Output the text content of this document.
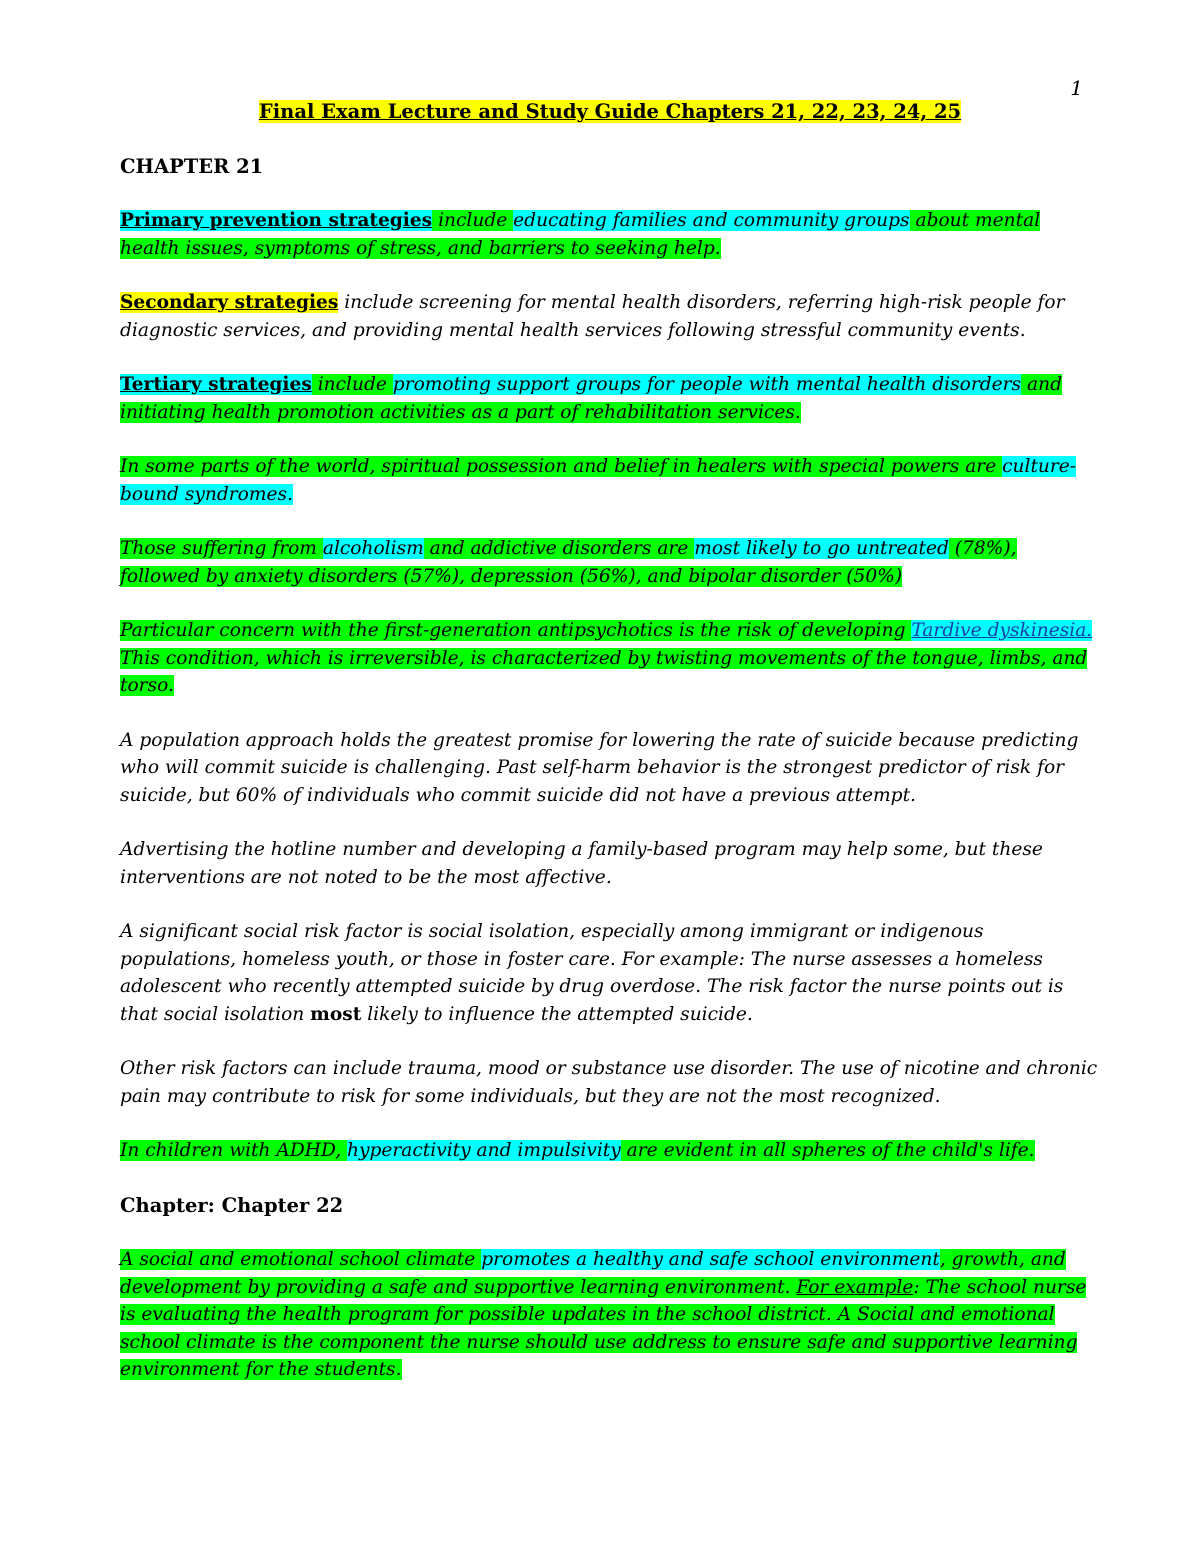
1
Final Exam Lecture and Study Guide Chapters 21, 22, 23, 24, 25
CHAPTER 21

Primary prevention strategies include educating families and community groups about mental health issues, symptoms of stress, and barriers to seeking help.

Secondary strategies include screening for mental health disorders, referring high-risk people for diagnostic services, and providing mental health services following stressful community events.

Tertiary strategies include promoting support groups for people with mental health disorders and initiating health promotion activities as a part of rehabilitation services.

In some parts of the world, spiritual possession and belief in healers with special powers are culture-bound syndromes.

Those suffering from alcoholism and addictive disorders are most likely to go untreated (78%), followed by anxiety disorders (57%), depression (56%), and bipolar disorder (50%)

Particular concern with the first-generation antipsychotics is the risk of developing Tardive dyskinesia. This condition, which is irreversible, is characterized by twisting movements of the tongue, limbs, and torso.

A population approach holds the greatest promise for lowering the rate of suicide because predicting who will commit suicide is challenging. Past self-harm behavior is the strongest predictor of risk for suicide, but 60% of individuals who commit suicide did not have a previous attempt.

Advertising the hotline number and developing a family-based program may help some, but these interventions are not noted to be the most affective.

A significant social risk factor is social isolation, especially among immigrant or indigenous populations, homeless youth, or those in foster care. For example: The nurse assesses a homeless adolescent who recently attempted suicide by drug overdose. The risk factor the nurse points out is that social isolation most likely to influence the attempted suicide.

Other risk factors can include trauma, mood or substance use disorder. The use of nicotine and chronic pain may contribute to risk for some individuals, but they are not the most recognized.

In children with ADHD, hyperactivity and impulsivity are evident in all spheres of the child's life.

Chapter: Chapter 22

A social and emotional school climate promotes a healthy and safe school environment, growth, and development by providing a safe and supportive learning environment. For example: The school nurse is evaluating the health program for possible updates in the school district. A Social and emotional school climate is the component the nurse should use address to ensure safe and supportive learning environment for the students.
